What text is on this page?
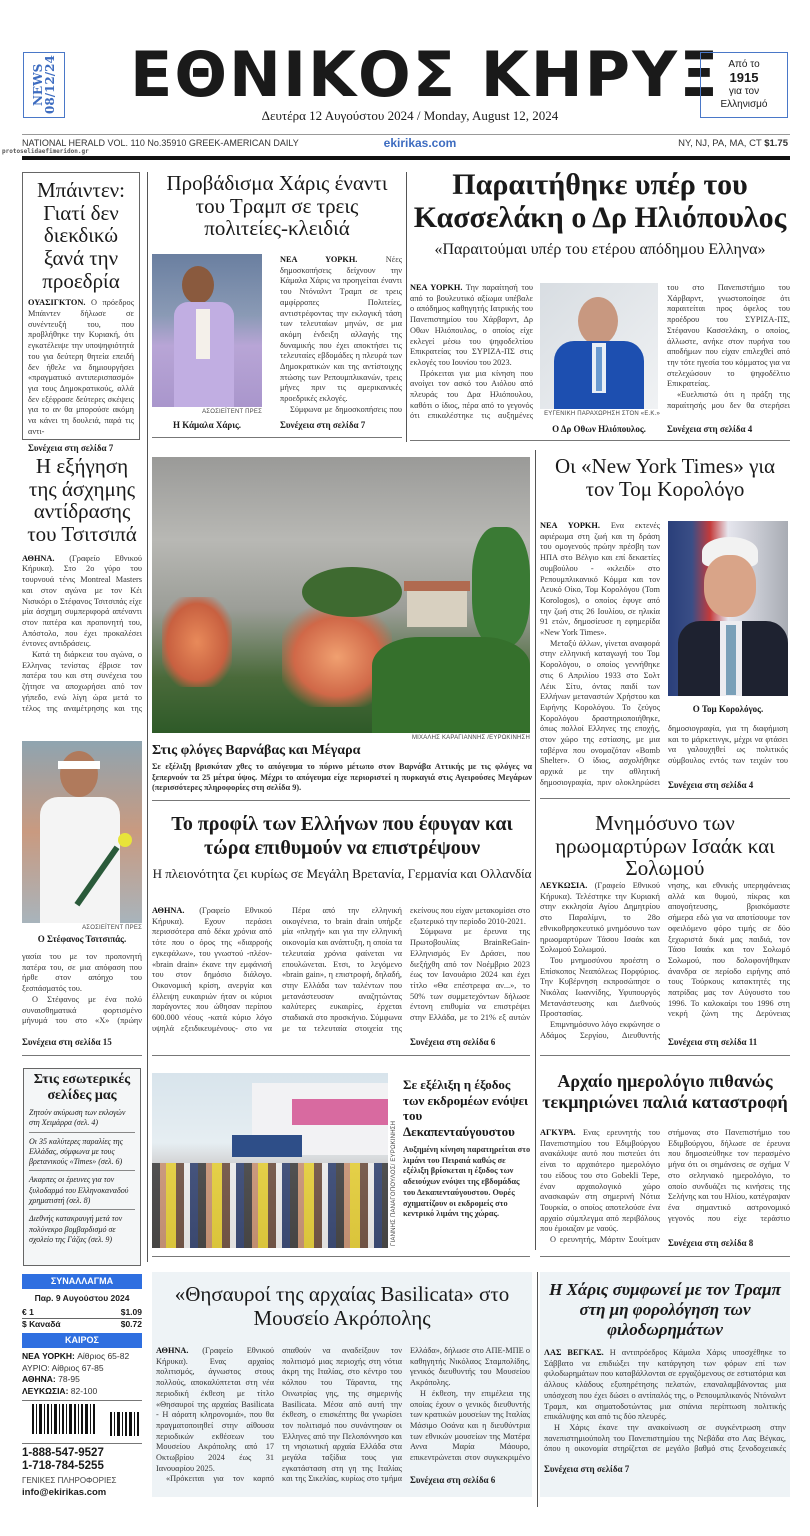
NEWS 08/12/24 ΕΘΝΙΚΟΣ ΚΗΡΥΞ
Δευτέρα 12 Αυγούστου 2024 / Monday, August 12, 2024
Από το
1915
για τον
Ελληνισμό
NATIONAL HERALD VOL. 110 No.35910 GREEK-AMERICAN DAILY
protoselidaefimeridon.gr
ekirikas.com	NY, NJ, PA, MA, CT $1.75
Μπάιντεν: Γιατί δεν διεκδικώ ξανά την προεδρία
ΟΥΑΣΙΓΚΤΟΝ. Ο πρόεδρος Μπάιντεν δήλωσε σε συνέντευξή του, που προβλήθηκε την Κυριακή, ότι εγκατέλειψε την υποψηφιότητά του για δεύτερη θητεία επειδή δεν ήθελε να δημιουργήσει «πραγματικό αντιπερισπασμό» για τους Δημοκρατικούς, αλλά δεν εξέφρασε δεύτερες σκέψεις για το αν θα μπορούσε ακόμη να κάνει τη δουλειά, παρά τις αντι-
Συνέχεια στη σελίδα 7
Προβάδισμα Χάρις έναντι του Τραμπ σε τρεις πολιτείες-κλειδιά
ΑΣΟΣΙΕΪΤΕΝΤ ΠΡΕΣ
Η Κάμαλα Χάρις.
ΝΕΑ ΥΟΡΚΗ. Νέες δημοσκοπήσεις δείχνουν την Κάμαλα Χάρις να προηγείται έναντι του Ντόναλντ Τραμπ σε τρεις αμφίρροπες Πολιτείες, αντιστρέφοντας την εκλογική τάση των τελευταίων μηνών, σε μια ακόμη ένδειξη αλλαγής της δυναμικής που έχει αποκτήσει τις τελευταίες εβδομάδες η πλευρά των Δημοκρατικών και της αντίστοιχης πτώσης των Ρεπουμπλικανών, τρεις μήνες πριν τις αμερικανικές προεδρικές εκλογές.
Σύμφωνα με δημοσκοπήσεις που
Συνέχεια στη σελίδα 7
Παραιτήθηκε υπέρ του Κασσελάκη ο Δρ Ηλιόπουλος
«Παραιτούμαι υπέρ του ετέρου απόδημου Ελληνα»
ΝΕΑ ΥΟΡΚΗ. Την παραίτησή του από το βουλευτικό αξίωμα υπέβαλε ο απόδημος καθηγητής Ιατρικής του Πανεπιστημίου του Χάρβαρντ, Δρ Οθων Ηλιόπουλος, ο οποίος είχε εκλεγεί μέσω του ψηφοδελτίου Επικρατείας του ΣΥΡΙΖΑ-ΠΣ στις εκλογές του Ιουνίου του 2023.
Πρόκειται για μια κίνηση που ανοίγει τον ασκό του Αιόλου από πλευράς του Δρα Ηλιόπουλου, καθότι ο ίδιος, πέρα από το γεγονός ότι επικαλέστηκε τις αυξημένες	ΕΥΓΕΝΙΚΗ ΠΑΡΑΧΩΡΗΣΗ ΣΤΟΝ «Ε.Κ.»
Ο Δρ Οθων Ηλιόπουλος.
του στο Πανεπιστήμιο του Χάρβαρντ, γνωστοποίησε ότι παραιτείται προς όφελος του προέδρου του ΣΥΡΙΖΑ-ΠΣ, Στέφανου Κασσελάκη, ο οποίος, άλλωστε, ανήκε στον πυρήνα του αποδήμων που είχαν επιλεχθεί από την τότε ηγεσία του κόμματος για να στελεχώσουν το ψηφοδέλτιο Επικρατείας.
«Ευελπιστώ ότι η πράξη της παραίτησής μου δεν θα στερήσει
Συνέχεια στη σελίδα 4
Η εξήγηση της άσχημης αντίδρασης του Τσιτσιπά
ΑΘΗΝΑ. (Γραφείο Εθνικού Κήρυκα). Στο 2ο γύρο του τουρνουά τένις Montreal Masters και στον αγώνα με τον Κέι Νισικόρι ο Στέφανος Τσιτσιπάς είχε μία άσχημη συμπεριφορά απέναντι στον πατέρα και προπονητή του, Απόστολο, που έχει προκαλέσει έντονες αντιδράσεις.
Κατά τη διάρκεια του αγώνα, ο Ελληνας τενίστας έβρισε τον πατέρα του και στη συνέχεια του ζήτησε να αποχωρήσει από τον γήπεδο, ενώ λίγη ώρα μετά το τέλος της αναμέτρησης και της
ΑΣΟΣΙΕΪΤΕΝΤ ΠΡΕΣ
Ο Στέφανος Τσιτσιπάς.
γασία του με τον προπονητή πατέρα του, σε μια απόφαση που ήρθε στον απόηχο του ξεσπάσματός του.
Ο Στέφανος με ένα πολύ συναισθηματικά φορτισμένο μήνυμά του στο «Χ» (πρώην
Συνέχεια στη σελίδα 15
ΜΙΧΑΛΗΣ ΚΑΡΑΓΙΑΝΝΗΣ /ΕΥΡΩΚΙΝΗΣΗ
Στις φλόγες Βαρνάβας και Μέγαρα
Σε εξέλιξη βρισκόταν χθες το απόγευμα το πύρινο μέτωπο στον Βαρνάβα Αττικής με τις φλόγες να ξεπερνούν τα 25 μέτρα ύψος. Μέχρι το απόγευμα είχε περιοριστεί η πυρκαγιά στις Αγειρούσες Μεγάρων (περισσότερες πληροφορίες στη σελίδα 9).
Οι «New York Times» για τον Τομ Κορολόγο
ΝΕΑ ΥΟΡΚΗ. Ενα εκτενές αφιέρωμα στη ζωή και τη δράση του ομογενούς πρώην πρέσβη των ΗΠΑ στο Βέλγιο και επί δεκαετίες συμβούλου - «κλειδί» στο Ρεπουμπλικανικό Κόμμα και τον Λευκό Οίκο, Τομ Κορολόγου (Tom Korologos), ο οποίος έφυγε από την ζωή στις 26 Ιουλίου, σε ηλικία 91 ετών, δημοσίευσε η εφημερίδα «New York Times».
Μεταξύ άλλων, γίνεται αναφορά στην ελληνική καταγωγή του Τομ Κορολόγου, ο οποίος γεννήθηκε στις 6 Απριλίου 1933 στο Σολτ Λέικ Σίτυ, όντας παιδί των Ελλήνων μεταναστών Χρήστου και Ειρήνης Κορολόγου. Το ζεύγος Κορολόγου δραστηριοποιήθηκε, όπως πολλοί Ελληνες της εποχής, στον χώρο της εστίασης, με μια ταβέρνα που ονομαζόταν «Bomb Shelter». Ο ίδιος, ασχολήθηκε αρχικά με την αθλητική δημοσιογραφία, πριν ολοκληρώσει
Ο Τομ Κορολόγος.
δημοσιογραφία, για τη διαφήμιση και το μάρκετινγκ, μέχρι να φτάσει να γαλουχηθεί ως πολιτικός σύμβουλος εντός των τειχών του
Συνέχεια στη σελίδα 4
Το προφίλ των Ελλήνων που έφυγαν και τώρα επιθυμούν να επιστρέψουν
Η πλειονότητα ζει κυρίως σε Μεγάλη Βρετανία, Γερμανία και Ολλανδία
ΑΘΗΝΑ. (Γραφείο Εθνικού Κήρυκα). Εχουν περάσει περισσότερα από δέκα χρόνια από τότε που ο όρος της «διαρροής εγκεφάλων», του γνωστού -πλέον- «brain drain» έκανε την εμφάνισή του στον δημόσιο διάλογο. Οικονομική κρίση, ανεργία και έλλειψη ευκαιριών ήταν οι κύριοι παράγοντες που ώθησαν περίπου 600.000 νέους -κατά κύριο λόγο υψηλά εξειδικευμένους- στο να
Πέρα από την ελληνική οικογένεια, το brain drain υπήρξε μία «πληγή» και για την ελληνική οικονομία και ανάπτυξη, η οποία τα τελευταία χρόνια φαίνεται να επουλώνεται. Ετσι, το λεγόμενο «brain gain», η επιστροφή, δηλαδή, στην Ελλάδα των ταλέντων που μετανάστευσαν αναζητώντας καλύτερες ευκαιρίες, έρχεται σταδιακά στο προσκήνιο. Σύμφωνα με τα τελευταία στοιχεία της
εκείνους που είχαν μετακομίσει στο εξωτερικό την περίοδο 2010-2021.
Σύμφωνα με έρευνα της Πρωτοβουλίας BrainReGain-Ελληνισμός Εν Δράσει, που διεξήχθη από τον Νοέμβριο 2023 έως τον Ιανουάριο 2024 και έχει τίτλο «Θα επέστρεφα αν...», το 50% των συμμετεχόντων δήλωσε έντονη επιθυμία να επιστρέψει στην Ελλάδα, με το 21% εξ αυτών
Συνέχεια στη σελίδα 6
Μνημόσυνο των ηρωομαρτύρων Ισαάκ και Σολωμού
ΛΕΥΚΩΣΙΑ. (Γραφείο Εθνικού Κήρυκα). Τελέστηκε την Κυριακή στην εκκλησία Αγίου Δημητρίου στο Παραλίμνι, το 28ο εθνικοθρησκευτικό μνημόσυνο των ηρωομαρτύρων Τάσου Ισαάκ και Σολωμού Σολωμού.
Του μνημοσύνου προέστη ο Επίσκοπος Νεαπόλεως Πορφύριος. Την Κυβέρνηση εκπροσώπησε ο Νικόλας Ιωαννίδης, Υφυπουργός Μετανάστευσης και Διεθνούς Προστασίας.
Επιμνημόσυνο λόγο εκφώνησε ο Αδάμος Σεργίου, Διευθυντής
νησης, και εθνικής υπερηφάνειας αλλά και θυμού, πίκρας και απογοήτευσης, βρισκόμαστε σήμερα εδώ για να αποτίσουμε τον οφειλόμενο φόρο τιμής σε δύο ξεχωριστά δικά μας παιδιά, τον Τάσο Ισαάκ και τον Σολωμό Σολωμού, που δολοφονήθηκαν άνανδρα σε περίοδο ειρήνης από τους Τούρκους κατακτητές της πατρίδας μας τον Αύγουστο του 1996. Το καλοκαίρι του 1996 στη νεκρή ζώνη της Δερύνειας
Συνέχεια στη σελίδα 11
Στις εσωτερικές σελίδες μας
Ζητούν ακύρωση των εκλογών στη Χειμάρρα (σελ. 4)
Οι 35 καλύτερες παραλίες της Ελλάδας, σύμφωνα με τους βρετανικούς «Times» (σελ. 6)
Ακαρπες οι έρευνες για τον ξυλοδαρμό του Ελληνοκαναδού χρηματιστή (σελ. 8)
Διεθνής κατακραυγή μετά τον πολύνεκρο βομβαρδισμό σε σχολείο της Γάζας (σελ. 9)
ΣΥΝΑΛΛΑΓΜΑ
Παρ. 9 Αυγούστου 2024
€ 1	$1.09
$ Καναδά	$0.72
ΚΑΙΡΟΣ
ΝΕΑ ΥΟΡΚΗ: Αίθριος 65-82
ΑΥΡΙΟ: Αίθριος 67-85
ΑΘΗΝΑ: 78-95
ΛΕΥΚΩΣΙΑ: 82-100
1-888-547-9527
1-718-784-5255
ΓΕΝΙΚΕΣ ΠΛΗΡΟΦΟΡΙΕΣ
info@ekirikas.com
ΓΙΑΝΝΗΣ ΠΑΝΑΓΟΠΟΥΛΟΣ/ ΕΥΡΩΚΙΝΗΣΗ
Σε εξέλιξη η έξοδος των εκδρομέων ενόψει του Δεκαπενταύγουστου
Αυξημένη κίνηση παρατηρείται στο λιμάνι του Πειραιά καθώς σε εξέλιξη βρίσκεται η έξοδος των αδειούχων ενόψει της εβδομάδας του Δεκαπενταύγουστου. Ουρές σχηματίζουν οι εκδρομείς στο κεντρικό λιμάνι της χώρας.
Αρχαίο ημερολόγιο πιθανώς τεκμηριώνει παλιά καταστροφή
ΑΓΚΥΡΑ. Ενας ερευνητής του Πανεπιστημίου του Εδιμβούργου ανακάλυψε αυτό που πιστεύει ότι είναι το αρχαιότερο ημερολόγιο του είδους του στο Gobekli Tepe, έναν αρχαιολογικό χώρο ανασκαφών στη σημερινή Νότια Τουρκία, ο οποίος αποτελούσε ένα αρχαίο σύμπλεγμα από περιβόλους που έμοιαζαν με ναούς.
Ο ερευνητής, Μάρτιν Σουίτμαν
στήμονας στο Πανεπιστήμιο του Εδιμβούργου, δήλωσε σε έρευνα που δημοσιεύθηκε τον περασμένο μήνα ότι οι σημάνσεις σε σχήμα V στο σεληνιακό ημερολόγιο, το οποίο συνδυάζει τις κινήσεις της Σελήνης και του Ηλίου, κατέγραψαν ένα σημαντικό αστρονομικό γεγονός που είχε τεράστιο
Συνέχεια στη σελίδα 8
«Θησαυροί της αρχαίας Basilicata» στο Μουσείο Ακρόπολης
ΑΘΗΝΑ. (Γραφείο Εθνικού Κήρυκα). Ενας αρχαίος πολιτισμός, άγνωστος στους πολλούς, αποκαλύπτεται στη νέα περιοδική έκθεση με τίτλο «Θησαυροί της αρχαίας Basilicata - Η αόρατη κληρονομιά», που θα πραγματοποιηθεί στην αίθουσα περιοδικών εκθέσεων του Μουσείου Ακρόπολης από 17 Οκτωβρίου 2024 έως 31 Ιανουαρίου 2025.
«Πρόκειται για τον καρπό
σπαθούν να αναδείξουν τον πολιτισμό μιας περιοχής στη νότια άκρη της Ιταλίας, στο κέντρο του κόλπου του Τάραντα, της Οινωτρίας γης, της σημερινής Basilicata. Μέσα από αυτή την έκθεση, ο επισκέπτης θα γνωρίσει τον πολιτισμό που συνάντησαν οι Έλληνες από την Πελοπόννησο και τη νησιωτική αρχαία Ελλάδα στα μεγάλα ταξίδια τους για εγκατάσταση στη γη της Ιταλίας και της Σικελίας, κυρίως στο τμήμα
Ελλάδα», δήλωσε στο ΑΠΕ-ΜΠΕ ο καθηγητής Νικόλαος Σταμπολίδης, γενικός διευθυντής του Μουσείου Ακρόπολης.
Η έκθεση, την επιμέλεια της οποίας έχουν ο γενικός διευθυντής των κρατικών μουσείων της Ιταλίας Μάσιμο Οσάνα και η διευθύντρια των εθνικών μουσείων της Ματέρα Αννα Μαρία Μάουρο, επικεντρώνεται στον συγκεκριμένο
Συνέχεια στη σελίδα 6
Η Χάρις συμφωνεί με τον Τραμπ στη μη φορολόγηση των φιλοδωρημάτων
ΛΑΣ ΒΕΓΚΑΣ. Η αντιπρόεδρος Κάμαλα Χάρις υποσχέθηκε το Σάββατο να επιδιώξει την κατάργηση των φόρων επί των φιλοδωρημάτων που καταβάλλονται σε εργαζόμενους σε εστιατόρια και άλλους κλάδους εξυπηρέτησης πελατών, επαναλαμβάνοντας μια υπόσχεση που έχει δώσει ο αντίπαλός της, ο Ρεπουμπλικανός Ντόναλντ Τραμπ, και σηματοδοτώντας μια σπάνια περίπτωση πολιτικής επικάλυψης και από τις δύο πλευρές.
Η Χάρις έκανε την ανακοίνωση σε συγκέντρωση στην πανεπιστημιούπολη του Πανεπιστημίου της Νεβάδα στο Λας Βέγκας, όπου η οικονομία στηρίζεται σε μεγάλο βαθμό στις ξενοδοχειακές
Συνέχεια στη σελίδα 7
